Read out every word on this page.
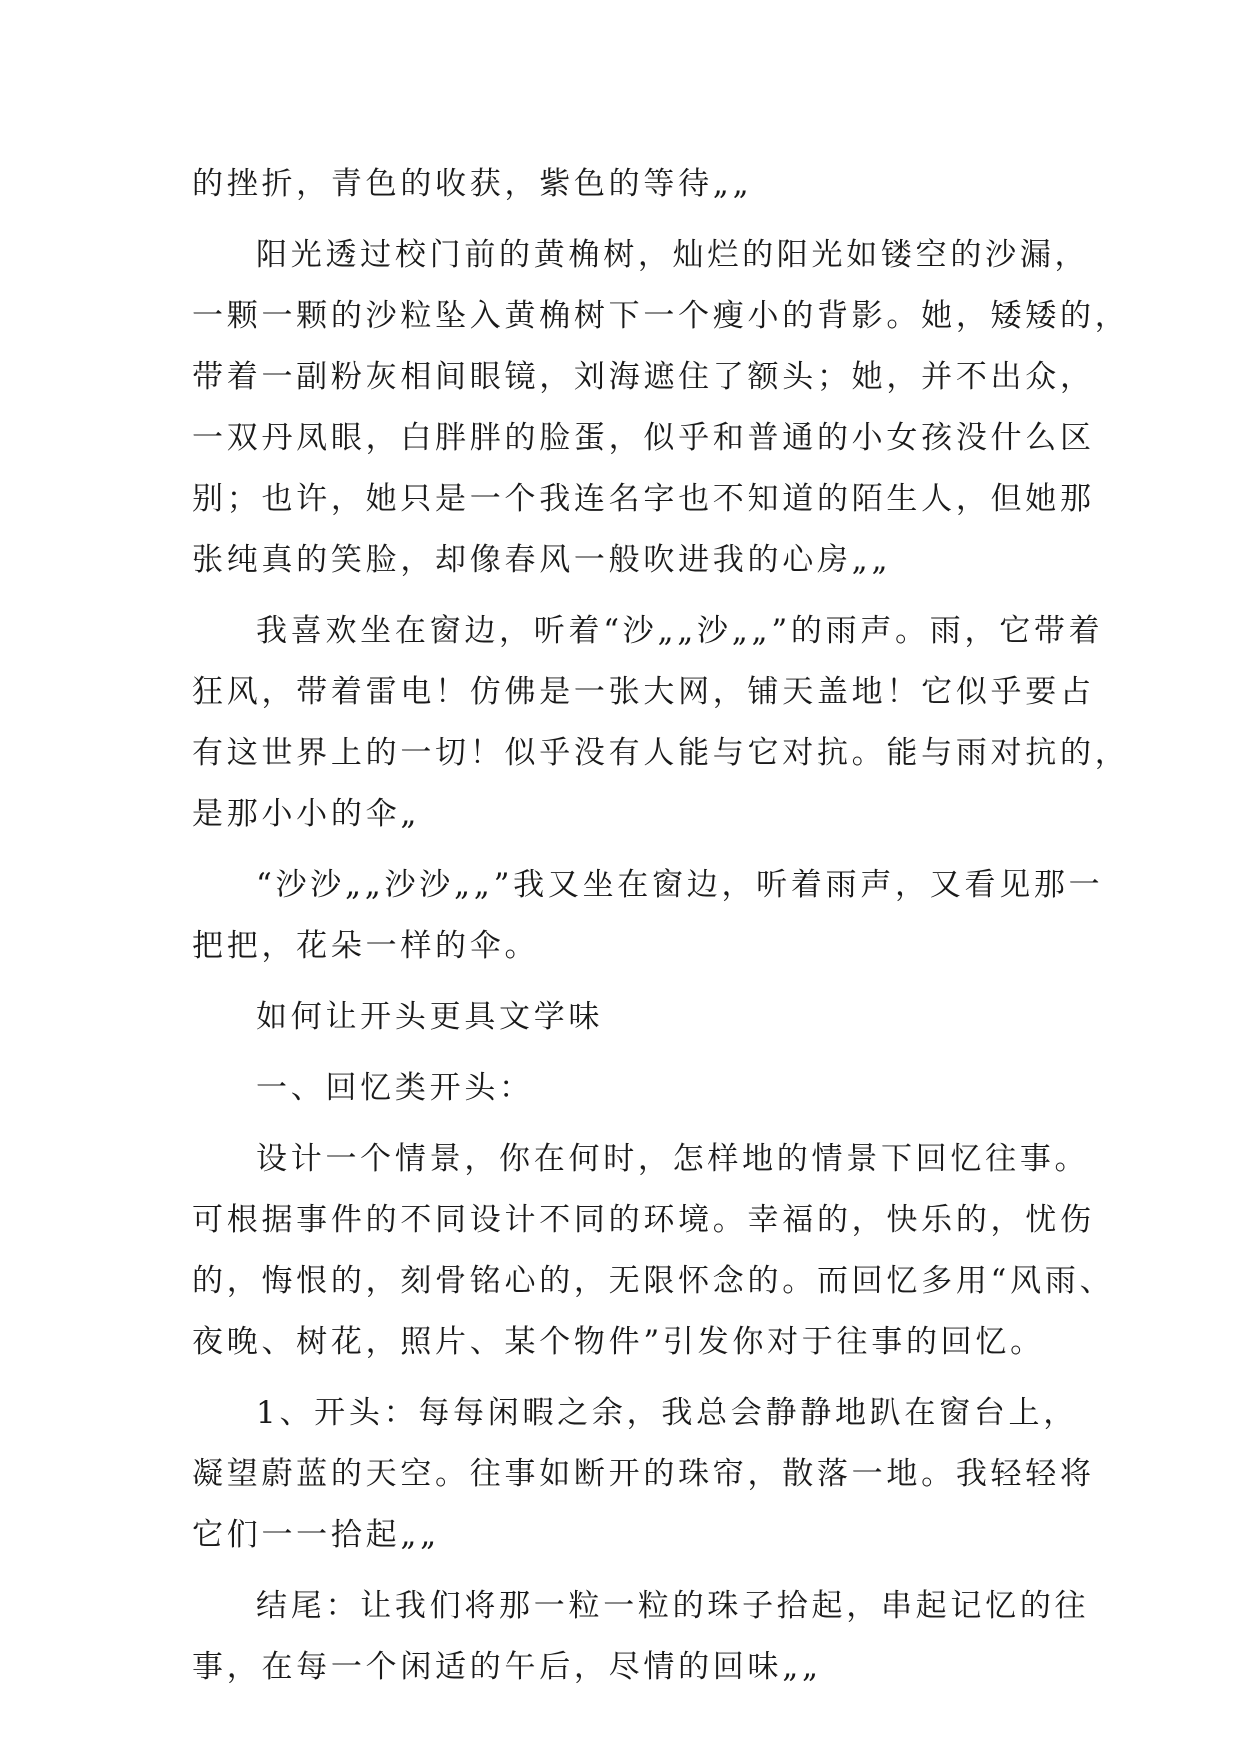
的挫折，青色的收获，紫色的等待„„
阳光透过校门前的黄桷树，灿烂的阳光如镂空的沙漏，
一颗一颗的沙粒坠入黄桷树下一个瘦小的背影。她，矮矮的，
带着一副粉灰相间眼镜，刘海遮住了额头；她，并不出众，
一双丹凤眼，白胖胖的脸蛋，似乎和普通的小女孩没什么区
别；也许，她只是一个我连名字也不知道的陌生人，但她那
张纯真的笑脸，却像春风一般吹进我的心房„„
我喜欢坐在窗边，听着“沙„„沙„„”的雨声。雨，它带着
狂风，带着雷电！仿佛是一张大网，铺天盖地！它似乎要占
有这世界上的一切！似乎没有人能与它对抗。能与雨对抗的，
是那小小的伞„
“沙沙„„沙沙„„”我又坐在窗边，听着雨声，又看见那一
把把，花朵一样的伞。
如何让开头更具文学味
一、回忆类开头：
设计一个情景，你在何时，怎样地的情景下回忆往事。
可根据事件的不同设计不同的环境。幸福的，快乐的，忧伤
的，悔恨的，刻骨铭心的，无限怀念的。而回忆多用“风雨、
夜晚、树花，照片、某个物件”引发你对于往事的回忆。
1、开头：每每闲暇之余，我总会静静地趴在窗台上，
凝望蔚蓝的天空。往事如断开的珠帘，散落一地。我轻轻将
它们一一拾起„„
结尾：让我们将那一粒一粒的珠子拾起，串起记忆的往
事，在每一个闲适的午后，尽情的回味„„
